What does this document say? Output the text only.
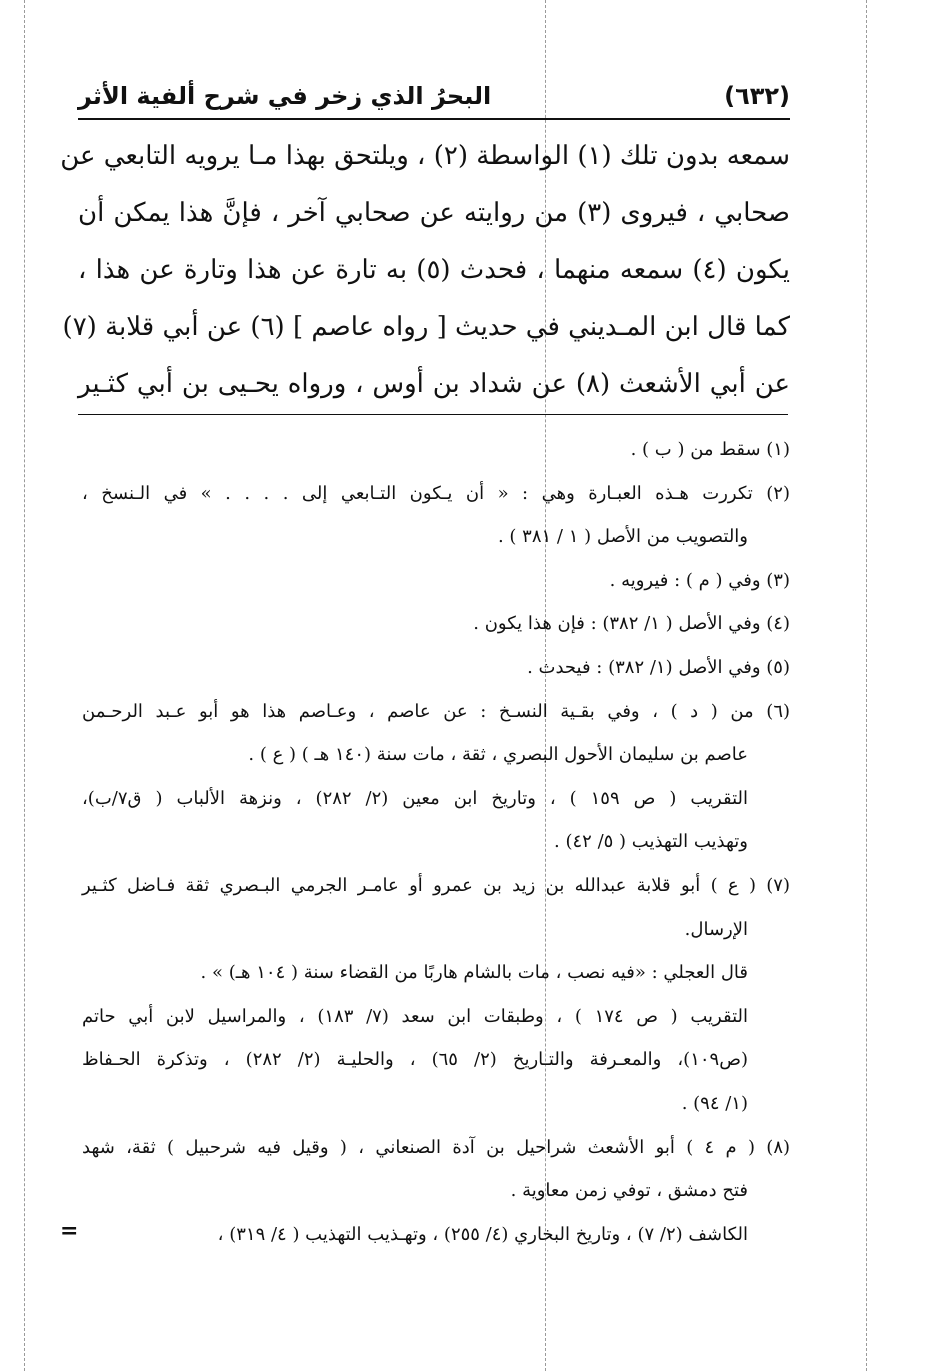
البحرُ الذي زخر في شرح ألفية الأثر	(٦٣٢)
سمعه بدون تلك (١) الواسطة (٢) ، ويلتحق بهذا مـا يرويه التابعي عن
صحابي ، فيروى (٣) من روايته عن صحابي آخر ، فإنَّ هذا يمكن أن
يكون (٤) سمعه منهما ، فحدث (٥) به تارة عن هذا وتارة عن هذا ،
كما قال ابن المـديني في حديث [ رواه عاصم ] (٦) عن أبي قلابة (٧)
عن أبي الأشعث (٨) عن شداد بن أوس ، ورواه يحـيى بن أبي كثـير
(١) سقط من ( ب ) .
(٢) تكررت هـذه العبـارة وهي : « أن يـكون التـابعي إلى . . . . » في الـنسخ ،
والتصويب من الأصل ( ١ / ٣٨١ ) .
(٣) وفي ( م ) : فيرويه .
(٤) وفي الأصل ( ١/ ٣٨٢) : فإن هذا يكون .
(٥) وفي الأصل (١/ ٣٨٢) : فيحدث .
(٦) من ( د ) ، وفي بقـية النسـخ : عن عاصم ، وعـاصم هذا هو أبو عـبد الرحـمن
عاصم بن سليمان الأحول البصري ، ثقة ، مات سنة (١٤٠ هـ ) ( ع ) .
التقريب ( ص ١٥٩ ) ، وتاريخ ابن معين (٢/ ٢٨٢) ، ونزهة الألباب ( ق٧/ب)،
وتهذيب التهذيب ( ٥/ ٤٢) .
(٧) ( ع ) أبو قلابة عبدالله بن زيد بن عمرو أو عامـر الجرمي البـصري ثقة فـاضل كثـير
الإرسال.
قال العجلي : «فيه نصب ، مات بالشام هاربًا من القضاء سنة ( ١٠٤ هـ) » .
التقريب ( ص ١٧٤ ) ، وطبقات ابن سعد (٧/ ١٨٣) ، والمراسيل لابن أبي حاتم
(ص١٠٩)، والمعـرفة والتـاريخ (٢/ ٦٥) ، والحليـة (٢/ ٢٨٢) ، وتذكرة الحـفاظ
(١/ ٩٤) .
(٨) ( م ٤ ) أبو الأشعث شراحيل بن آدة الصنعاني ، ( وقيل فيه شرحبيل ) ثقة، شهد
فتح دمشق ، توفي زمن معاوية .
الكاشف (٢/ ٧) ، وتاريخ البخاري (٤/ ٢٥٥) ، وتهـذيب التهذيب ( ٤/ ٣١٩) ،
=
